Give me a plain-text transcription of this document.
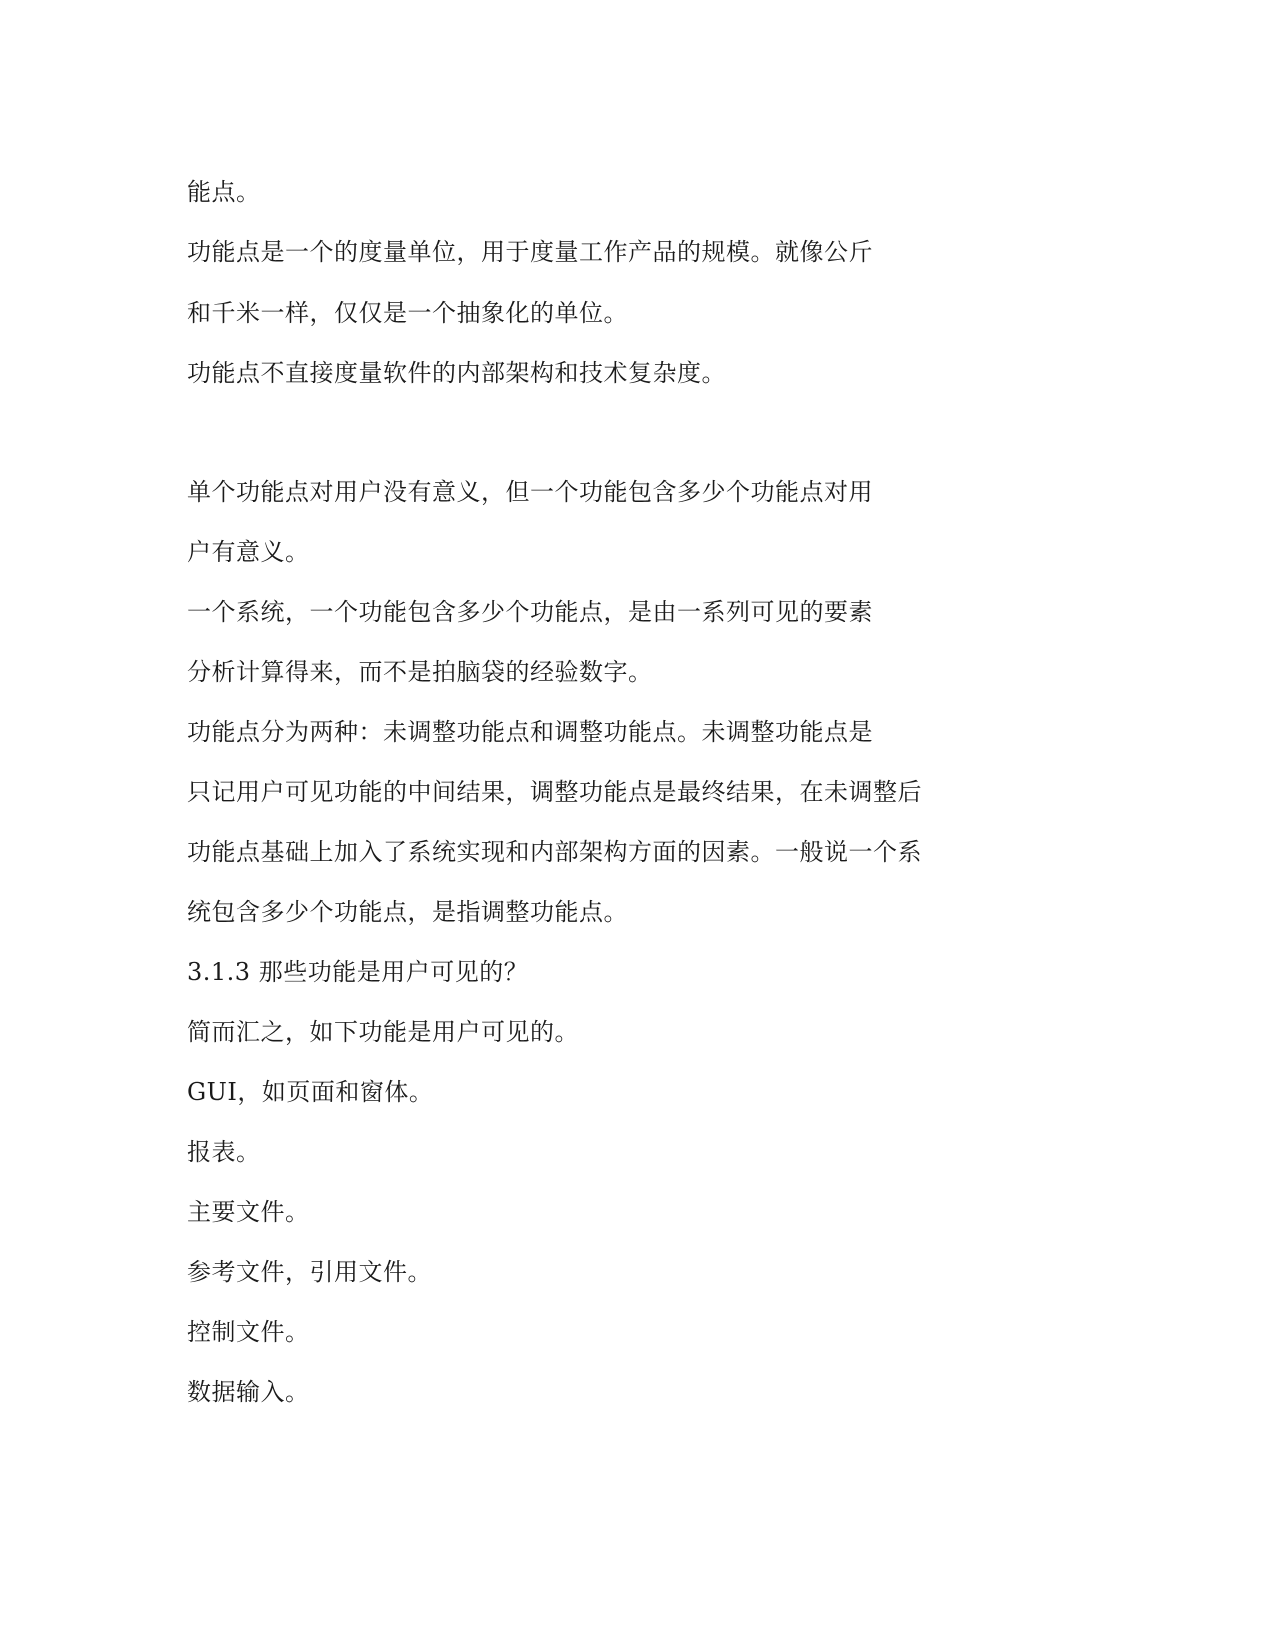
能点。
功能点是一个的度量单位，用于度量工作产品的规模。就像公斤
和千米一样，仅仅是一个抽象化的单位。
功能点不直接度量软件的内部架构和技术复杂度。
单个功能点对用户没有意义，但一个功能包含多少个功能点对用
户有意义。
一个系统，一个功能包含多少个功能点，是由一系列可见的要素
分析计算得来，而不是拍脑袋的经验数字。
功能点分为两种：未调整功能点和调整功能点。未调整功能点是
只记用户可见功能的中间结果，调整功能点是最终结果，在未调整后
功能点基础上加入了系统实现和内部架构方面的因素。一般说一个系
统包含多少个功能点，是指调整功能点。
3.1.3 那些功能是用户可见的？
简而汇之，如下功能是用户可见的。
GUI，如页面和窗体。
报表。
主要文件。
参考文件，引用文件。
控制文件。
数据输入。
